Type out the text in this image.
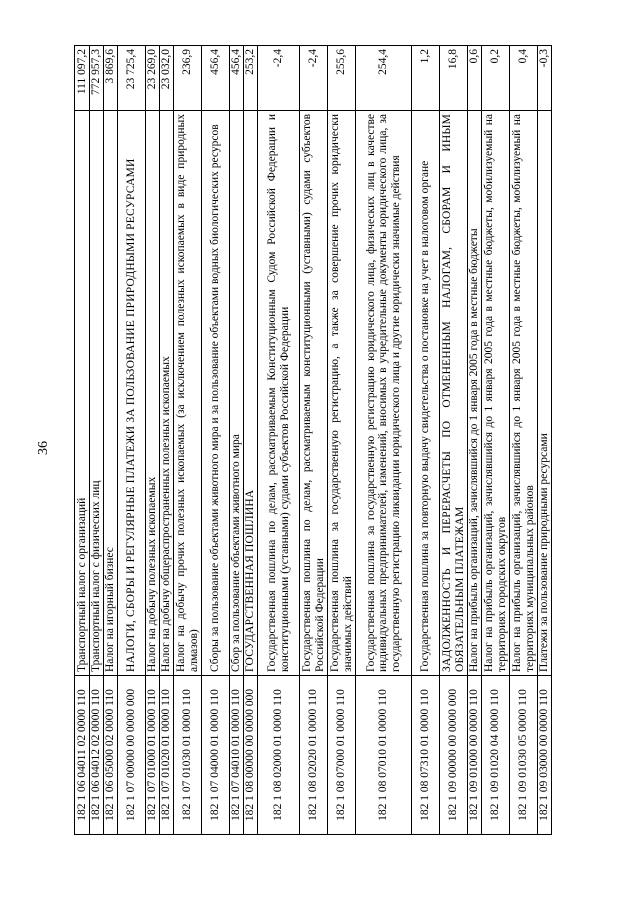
36
182 1 06 04011 02 0000 110	Транспортный налог с организаций	111 097,2
182 1 06 04012 02 0000 110	Транспортный налог с физических лиц	772 957,3
182 1 06 05000 02 0000 110	Налог на игорный бизнес	3 869,6
182 1 07 00000 00 0000 000	НАЛОГИ, СБОРЫ И РЕГУЛЯРНЫЕ ПЛАТЕЖИ ЗА ПОЛЬЗОВАНИЕ ПРИРОДНЫМИ РЕСУРСАМИ	23 725,4
182 1 07 01000 01 0000 110	Налог на добычу полезных ископаемых	23 269,0
182 1 07 01020 01 0000 110	Налог на добычу общераспространенных полезных ископаемых	23 032,0
182 1 07 01030 01 0000 110	Налог на добычу прочих полезных ископаемых (за исключением полезных ископаемых в виде природных алмазов)	236,9
182 1 07 04000 01 0000 110	Сборы за пользование объектами животного мира и за пользование объектами водных биологических ресурсов	456,4
182 1 07 04010 01 0000 110	Сбор за пользование объектами животного мира	456,4
182 1 08 00000 00 0000 000	ГОСУДАРСТВЕННАЯ ПОШЛИНА	253,2
182 1 08 02000 01 0000 110	Государственная пошлина по делам, рассматриваемым Конституционным Судом Российской Федерации и конституционными (уставными) судами субъектов Российской Федерации	-2,4
182 1 08 02020 01 0000 110	Государственная пошлина по делам, рассматриваемым конституционными (уставными) судами субъектов Российской Федерации	-2,4
182 1 08 07000 01 0000 110	Государственная пошлина за государственную регистрацию, а также за совершение прочих юридически значимых действий	255,6
182 1 08 07010 01 0000 110	Государственная пошлина за государственную регистрацию юридического лица, физических лиц в качестве индивидуальных предпринимателей, изменений, вносимых в учредительные документы юридического лица, за государственную регистрацию ликвидации юридического лица и другие юридически значимые действия	254,4
182 1 08 07310 01 0000 110	Государственная пошлина за повторную выдачу свидетельства о постановке на учет в налоговом органе	1,2
182 1 09 00000 00 0000 000	ЗАДОЛЖЕННОСТЬ И ПЕРЕРАСЧЕТЫ ПО ОТМЕНЕННЫМ НАЛОГАМ, СБОРАМ И ИНЫМ ОБЯЗАТЕЛЬНЫМ ПЛАТЕЖАМ	16,8
182 1 09 01000 00 0000 110	Налог на прибыль организаций, зачислявшийся до 1 января 2005 года в местные бюджеты	0,6
182 1 09 01020 04 0000 110	Налог на прибыль организаций, зачислявшийся до 1 января 2005 года в местные бюджеты, мобилизуемый на территориях городских округов	0,2
182 1 09 01030 05 0000 110	Налог на прибыль организаций, зачислявшийся до 1 января 2005 года в местные бюджеты, мобилизуемый на территориях муниципальных районов	0,4
182 1 09 03000 00 0000 110	Платежи за пользование природными ресурсами	-0,3
